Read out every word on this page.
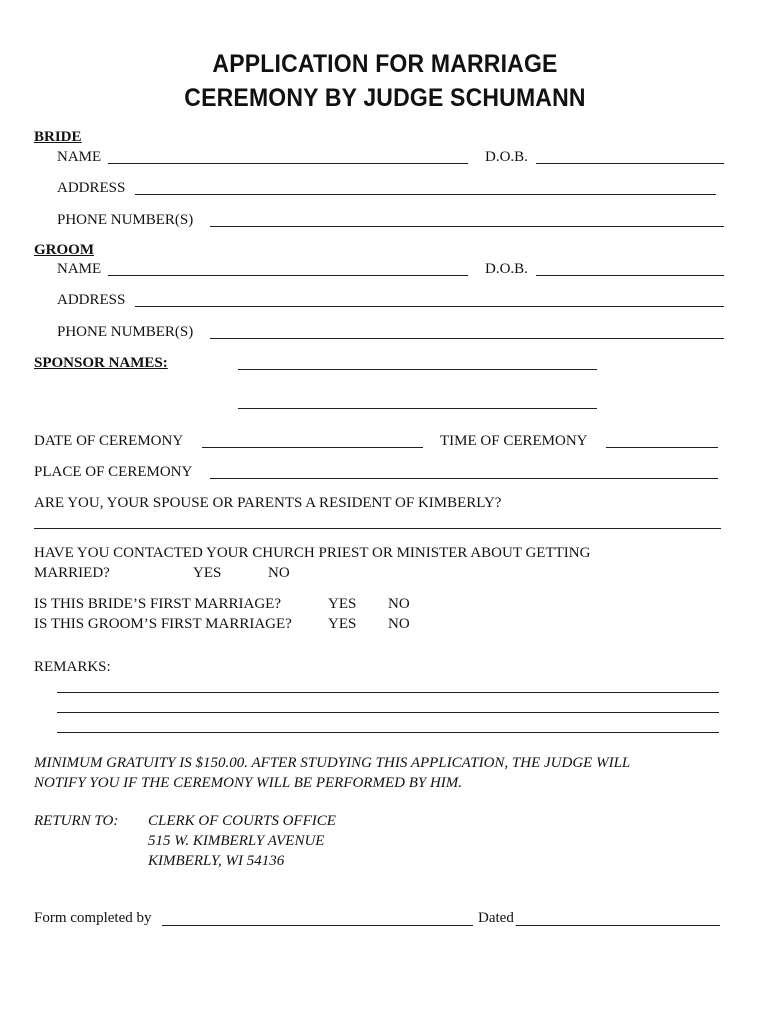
APPLICATION FOR MARRIAGE
CEREMONY BY JUDGE SCHUMANN
BRIDE
NAME	D.O.B.
ADDRESS
PHONE NUMBER(S)
GROOM
NAME	D.O.B.
ADDRESS
PHONE NUMBER(S)
SPONSOR NAMES:
DATE OF CEREMONY	TIME OF CEREMONY
PLACE OF CEREMONY
ARE YOU, YOUR SPOUSE OR PARENTS A RESIDENT OF KIMBERLY?
HAVE YOU CONTACTED YOUR CHURCH PRIEST OR MINISTER ABOUT GETTING
MARRIED?	YES	NO
IS THIS BRIDE’S FIRST MARRIAGE?	YES NO
IS THIS GROOM’S FIRST MARRIAGE? YES NO
REMARKS:
MINIMUM GRATUITY IS $150.00. AFTER STUDYING THIS APPLICATION, THE JUDGE WILL
NOTIFY YOU IF THE CEREMONY WILL BE PERFORMED BY HIM.
RETURN TO: CLERK OF COURTS OFFICE
515 W. KIMBERLY AVENUE
KIMBERLY, WI 54136
Form completed by	Dated
